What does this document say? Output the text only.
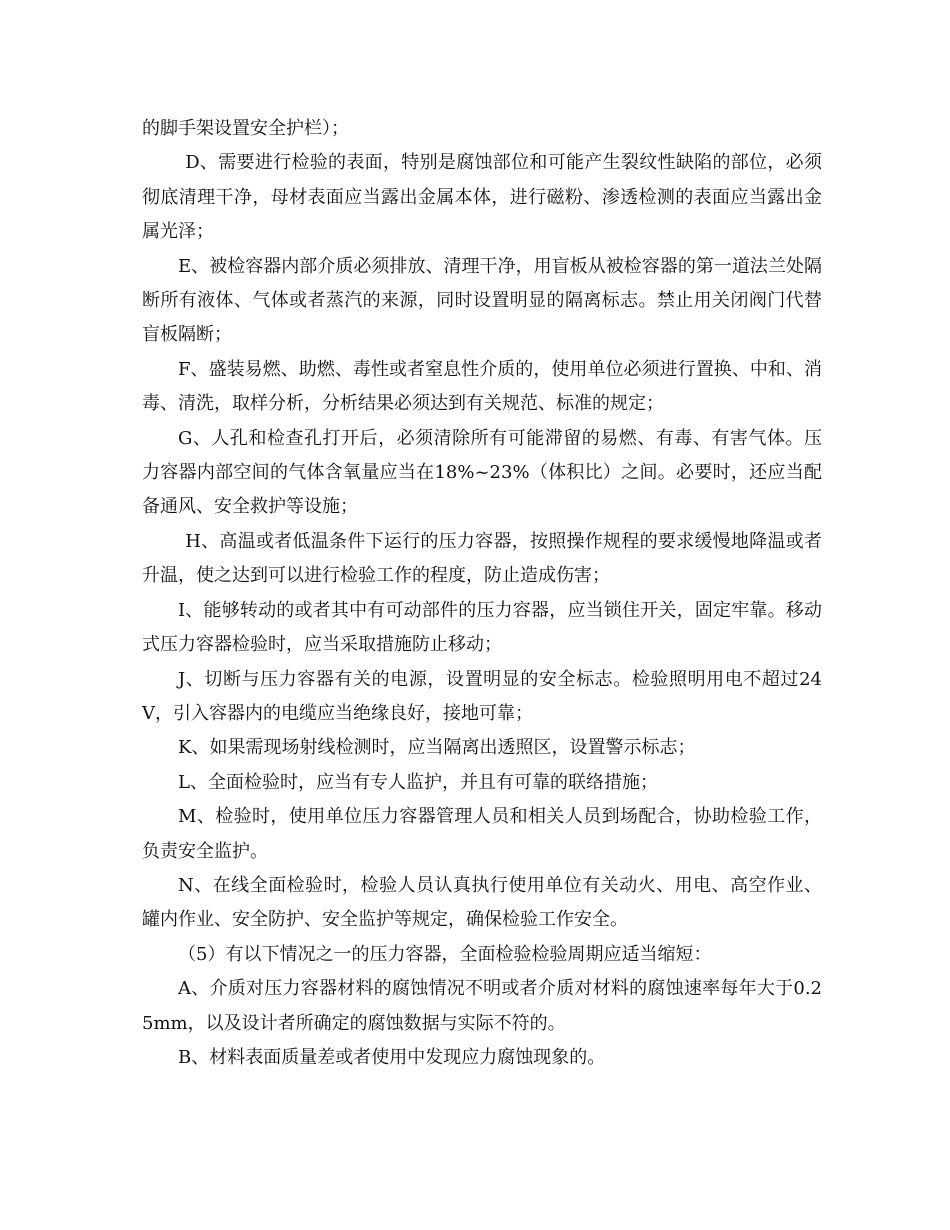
的脚手架设置安全护栏）；

D、需要进行检验的表面，特别是腐蚀部位和可能产生裂纹性缺陷的部位，必须彻底清理干净，母材表面应当露出金属本体，进行磁粉、渗透检测的表面应当露出金属光泽；

E、被检容器内部介质必须排放、清理干净，用盲板从被检容器的第一道法兰处隔断所有液体、气体或者蒸汽的来源，同时设置明显的隔离标志。禁止用关闭阀门代替盲板隔断；

F、盛装易燃、助燃、毒性或者窒息性介质的，使用单位必须进行置换、中和、消毒、清洗，取样分析，分析结果必须达到有关规范、标准的规定；

G、人孔和检查孔打开后，必须清除所有可能滞留的易燃、有毒、有害气体。压力容器内部空间的气体含氧量应当在18%~23%（体积比）之间。必要时，还应当配备通风、安全救护等设施；

H、高温或者低温条件下运行的压力容器，按照操作规程的要求缓慢地降温或者升温，使之达到可以进行检验工作的程度，防止造成伤害；

I、能够转动的或者其中有可动部件的压力容器，应当锁住开关，固定牢靠。移动式压力容器检验时，应当采取措施防止移动；

J、切断与压力容器有关的电源，设置明显的安全标志。检验照明用电不超过24V，引入容器内的电缆应当绝缘良好，接地可靠；

K、如果需现场射线检测时，应当隔离出透照区，设置警示标志；

L、全面检验时，应当有专人监护，并且有可靠的联络措施；

M、检验时，使用单位压力容器管理人员和相关人员到场配合，协助检验工作，负责安全监护。

N、在线全面检验时，检验人员认真执行使用单位有关动火、用电、高空作业、罐内作业、安全防护、安全监护等规定，确保检验工作安全。

（5）有以下情况之一的压力容器，全面检验检验周期应适当缩短：

A、介质对压力容器材料的腐蚀情况不明或者介质对材料的腐蚀速率每年大于0.25mm，以及设计者所确定的腐蚀数据与实际不符的。

B、材料表面质量差或者使用中发现应力腐蚀现象的。
